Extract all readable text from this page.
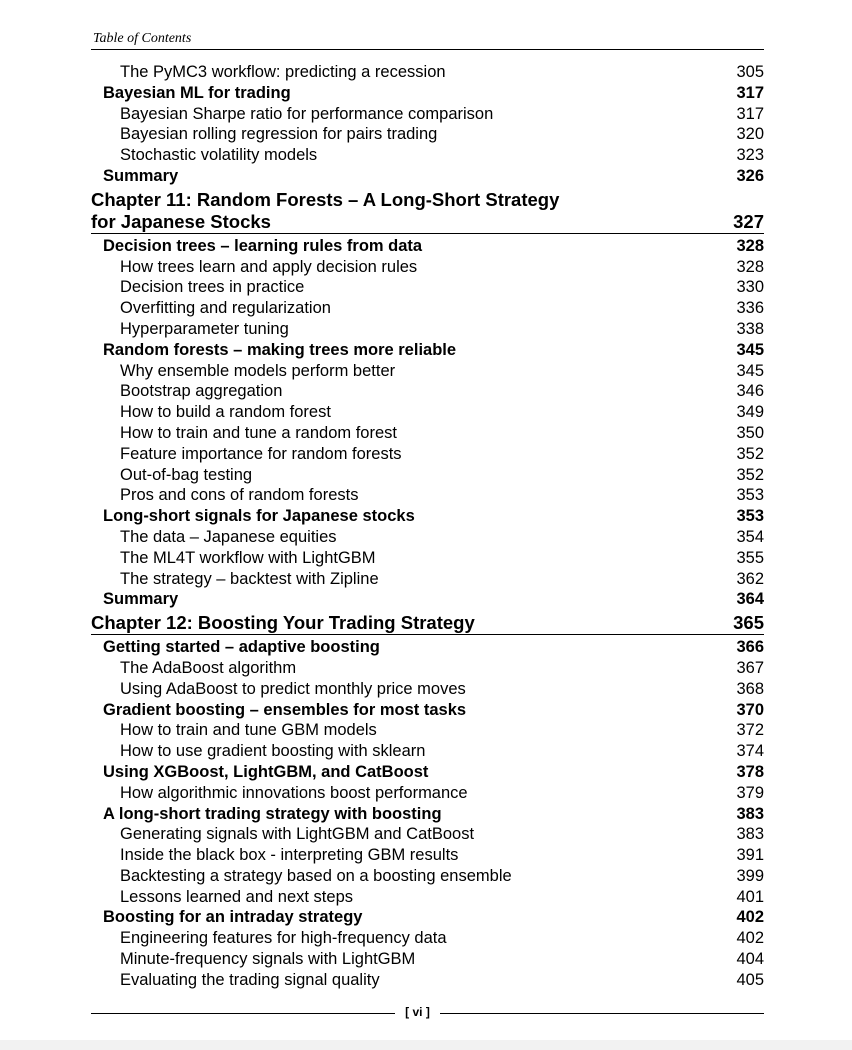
Table of Contents
The PyMC3 workflow: predicting a recession	305
Bayesian ML for trading	317
Bayesian Sharpe ratio for performance comparison	317
Bayesian rolling regression for pairs trading	320
Stochastic volatility models	323
Summary	326
Chapter 11: Random Forests – A Long-Short Strategy
for Japanese Stocks	327
Decision trees – learning rules from data	328
How trees learn and apply decision rules	328
Decision trees in practice	330
Overfitting and regularization	336
Hyperparameter tuning	338
Random forests – making trees more reliable	345
Why ensemble models perform better	345
Bootstrap aggregation	346
How to build a random forest	349
How to train and tune a random forest	350
Feature importance for random forests	352
Out-of-bag testing	352
Pros and cons of random forests	353
Long-short signals for Japanese stocks	353
The data – Japanese equities	354
The ML4T workflow with LightGBM	355
The strategy – backtest with Zipline	362
Summary	364
Chapter 12: Boosting Your Trading Strategy	365
Getting started – adaptive boosting	366
The AdaBoost algorithm	367
Using AdaBoost to predict monthly price moves	368
Gradient boosting – ensembles for most tasks	370
How to train and tune GBM models	372
How to use gradient boosting with sklearn	374
Using XGBoost, LightGBM, and CatBoost	378
How algorithmic innovations boost performance	379
A long-short trading strategy with boosting	383
Generating signals with LightGBM and CatBoost	383
Inside the black box - interpreting GBM results	391
Backtesting a strategy based on a boosting ensemble	399
Lessons learned and next steps	401
Boosting for an intraday strategy	402
Engineering features for high-frequency data	402
Minute-frequency signals with LightGBM	404
Evaluating the trading signal quality	405
[ vi ]
